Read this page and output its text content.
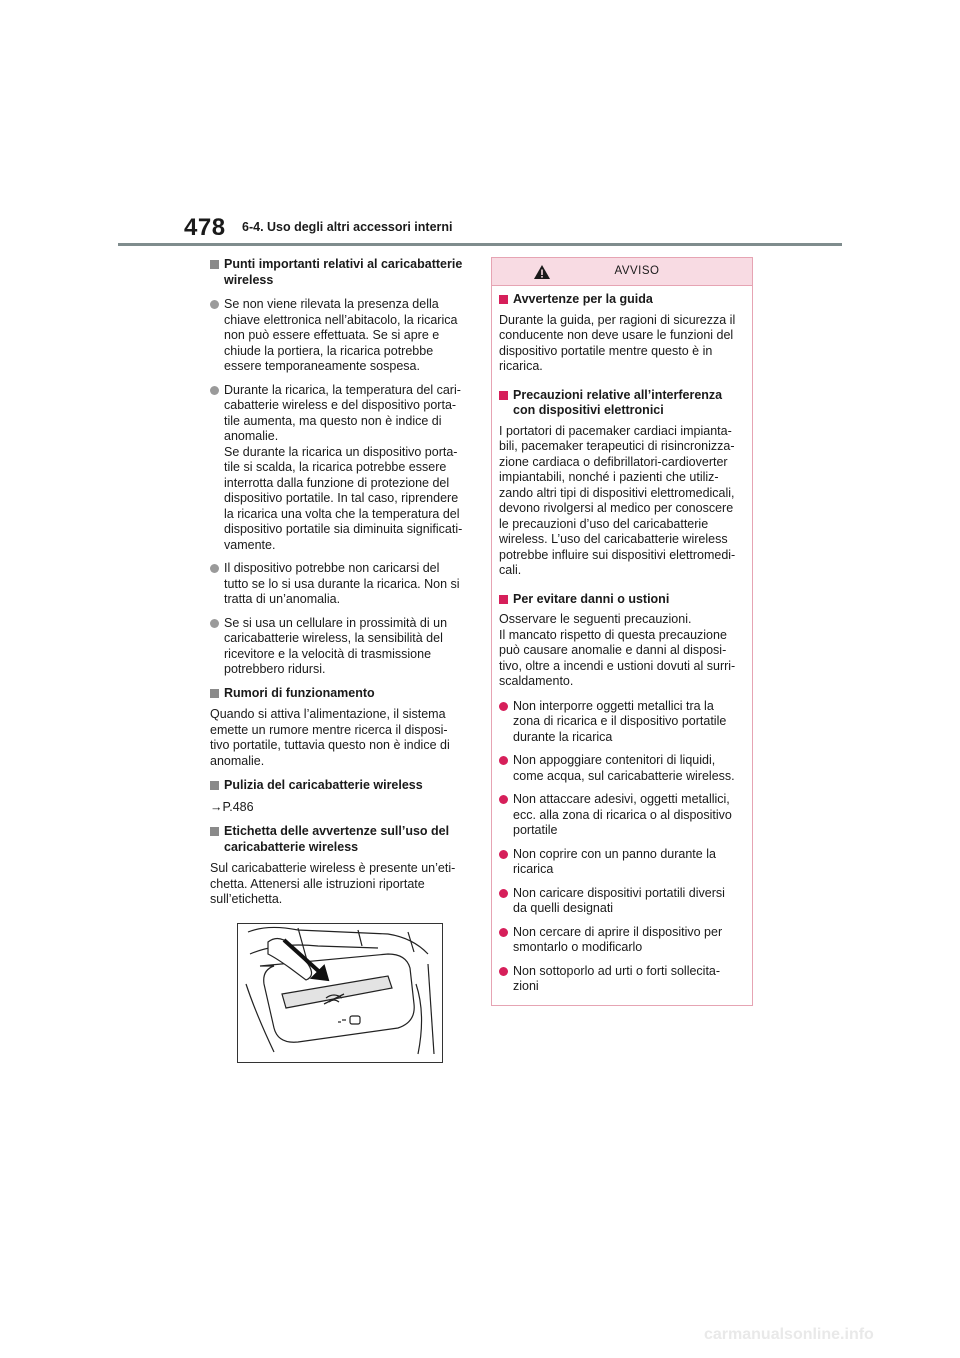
478 6-4. Uso degli altri accessori interni
Punti importanti relativi al caricabatterie
wireless
Se non viene rilevata la presenza della
chiave elettronica nell’abitacolo, la ricarica
non può essere effettuata. Se si apre e
chiude la portiera, la ricarica potrebbe
essere temporaneamente sospesa.
Durante la ricarica, la temperatura del cari-
cabatterie wireless e del dispositivo porta-
tile aumenta, ma questo non è indice di
anomalie.
Se durante la ricarica un dispositivo porta-
tile si scalda, la ricarica potrebbe essere
interrotta dalla funzione di protezione del
dispositivo portatile. In tal caso, riprendere
la ricarica una volta che la temperatura del
dispositivo portatile sia diminuita significati-
vamente.
Il dispositivo potrebbe non caricarsi del
tutto se lo si usa durante la ricarica. Non si
tratta di un’anomalia.
Se si usa un cellulare in prossimità di un
caricabatterie wireless, la sensibilità del
ricevitore e la velocità di trasmissione
potrebbero ridursi.
Rumori di funzionamento
Quando si attiva l’alimentazione, il sistema
emette un rumore mentre ricerca il disposi-
tivo portatile, tuttavia questo non è indice di
anomalie.
Pulizia del caricabatterie wireless
→P.486
Etichetta delle avvertenze sull’uso del
caricabatterie wireless
Sul caricabatterie wireless è presente un’eti-
chetta. Attenersi alle istruzioni riportate
sull’etichetta.
AVVISO
Avvertenze per la guida
Durante la guida, per ragioni di sicurezza il
conducente non deve usare le funzioni del
dispositivo portatile mentre questo è in
ricarica.
Precauzioni relative all’interferenza
con dispositivi elettronici
I portatori di pacemaker cardiaci impianta-
bili, pacemaker terapeutici di risincronizza-
zione cardiaca o defibrillatori-cardioverter
impiantabili, nonché i pazienti che utiliz-
zando altri tipi di dispositivi elettromedicali,
devono rivolgersi al medico per conoscere
le precauzioni d’uso del caricabatterie
wireless. L’uso del caricabatterie wireless
potrebbe influire sui dispositivi elettromedi-
cali.
Per evitare danni o ustioni
Osservare le seguenti precauzioni.
Il mancato rispetto di questa precauzione
può causare anomalie e danni al disposi-
tivo, oltre a incendi e ustioni dovuti al surri-
scaldamento.
Non interporre oggetti metallici tra la
zona di ricarica e il dispositivo portatile
durante la ricarica
Non appoggiare contenitori di liquidi,
come acqua, sul caricabatterie wireless.
Non attaccare adesivi, oggetti metallici,
ecc. alla zona di ricarica o al dispositivo
portatile
Non coprire con un panno durante la
ricarica
Non caricare dispositivi portatili diversi
da quelli designati
Non cercare di aprire il dispositivo per
smontarlo o modificarlo
Non sottoporlo ad urti o forti sollecita-
zioni
carmanualsonline.info
